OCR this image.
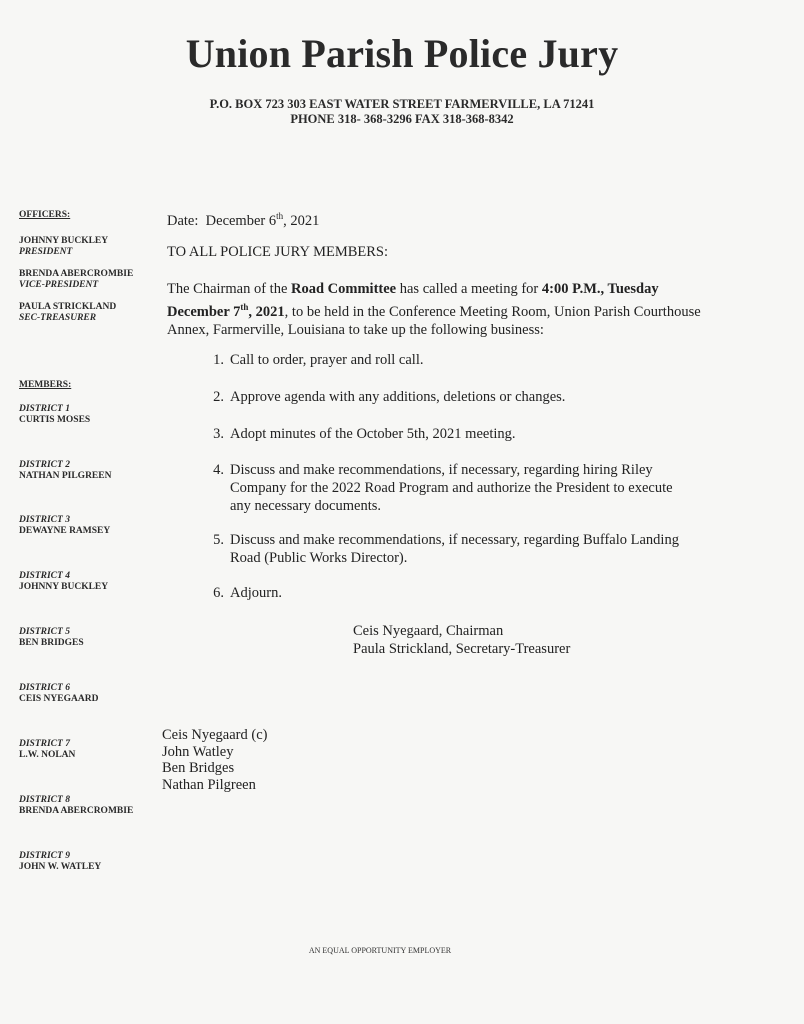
Union Parish Police Jury
P.O. BOX 723 303 EAST WATER STREET FARMERVILLE, LA 71241
PHONE 318- 368-3296 FAX 318-368-8342
OFFICERS:
JOHNNY BUCKLEY
PRESIDENT
BRENDA ABERCROMBIE
VICE-PRESIDENT
PAULA STRICKLAND
SEC-TREASURER
MEMBERS:
DISTRICT 1
CURTIS MOSES
DISTRICT 2
NATHAN PILGREEN
DISTRICT 3
DEWAYNE RAMSEY
DISTRICT 4
JOHNNY BUCKLEY
DISTRICT 5
BEN BRIDGES
DISTRICT 6
CEIS NYEGAARD
DISTRICT 7
L.W. NOLAN
DISTRICT 8
BRENDA ABERCROMBIE
DISTRICT 9
JOHN W. WATLEY
Date: December 6th, 2021
TO ALL POLICE JURY MEMBERS:
The Chairman of the Road Committee has called a meeting for 4:00 P.M., Tuesday December 7th, 2021, to be held in the Conference Meeting Room, Union Parish Courthouse Annex, Farmerville, Louisiana to take up the following business:
1. Call to order, prayer and roll call.
2. Approve agenda with any additions, deletions or changes.
3. Adopt minutes of the October 5th, 2021 meeting.
4. Discuss and make recommendations, if necessary, regarding hiring Riley Company for the 2022 Road Program and authorize the President to execute any necessary documents.
5. Discuss and make recommendations, if necessary, regarding Buffalo Landing Road (Public Works Director).
6. Adjourn.
Ceis Nyegaard, Chairman
Paula Strickland, Secretary-Treasurer
Ceis Nyegaard (c)
John Watley
Ben Bridges
Nathan Pilgreen
AN EQUAL OPPORTUNITY EMPLOYER
